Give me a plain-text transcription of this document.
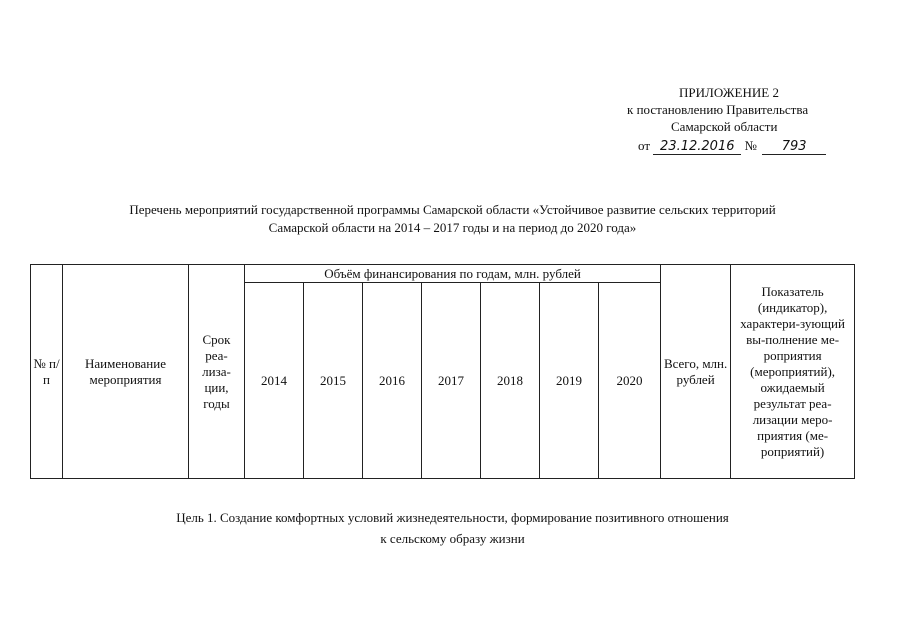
ПРИЛОЖЕНИЕ 2
к постановлению Правительства
Самарской области
от 23.12.2016 № 793
Перечень мероприятий государственной программы Самарской области «Устойчивое развитие сельских территорий
Самарской области на 2014 – 2017 годы и на период до 2020 года»
№ п/п	Наименование мероприятия	Срок реа-лиза-ции, годы	Объём финансирования по годам, млн. рублей							Всего, млн. рублей	Показатель (индикатор), характери-зующий вы-полнение ме-роприятия (мероприятий), ожидаемый результат реа-лизации меро-приятия (ме-роприятий)
			2014	2015	2016	2017	2018	2019	2020		
Цель 1. Создание комфортных условий жизнедеятельности, формирование позитивного отношения
к сельскому образу жизни
